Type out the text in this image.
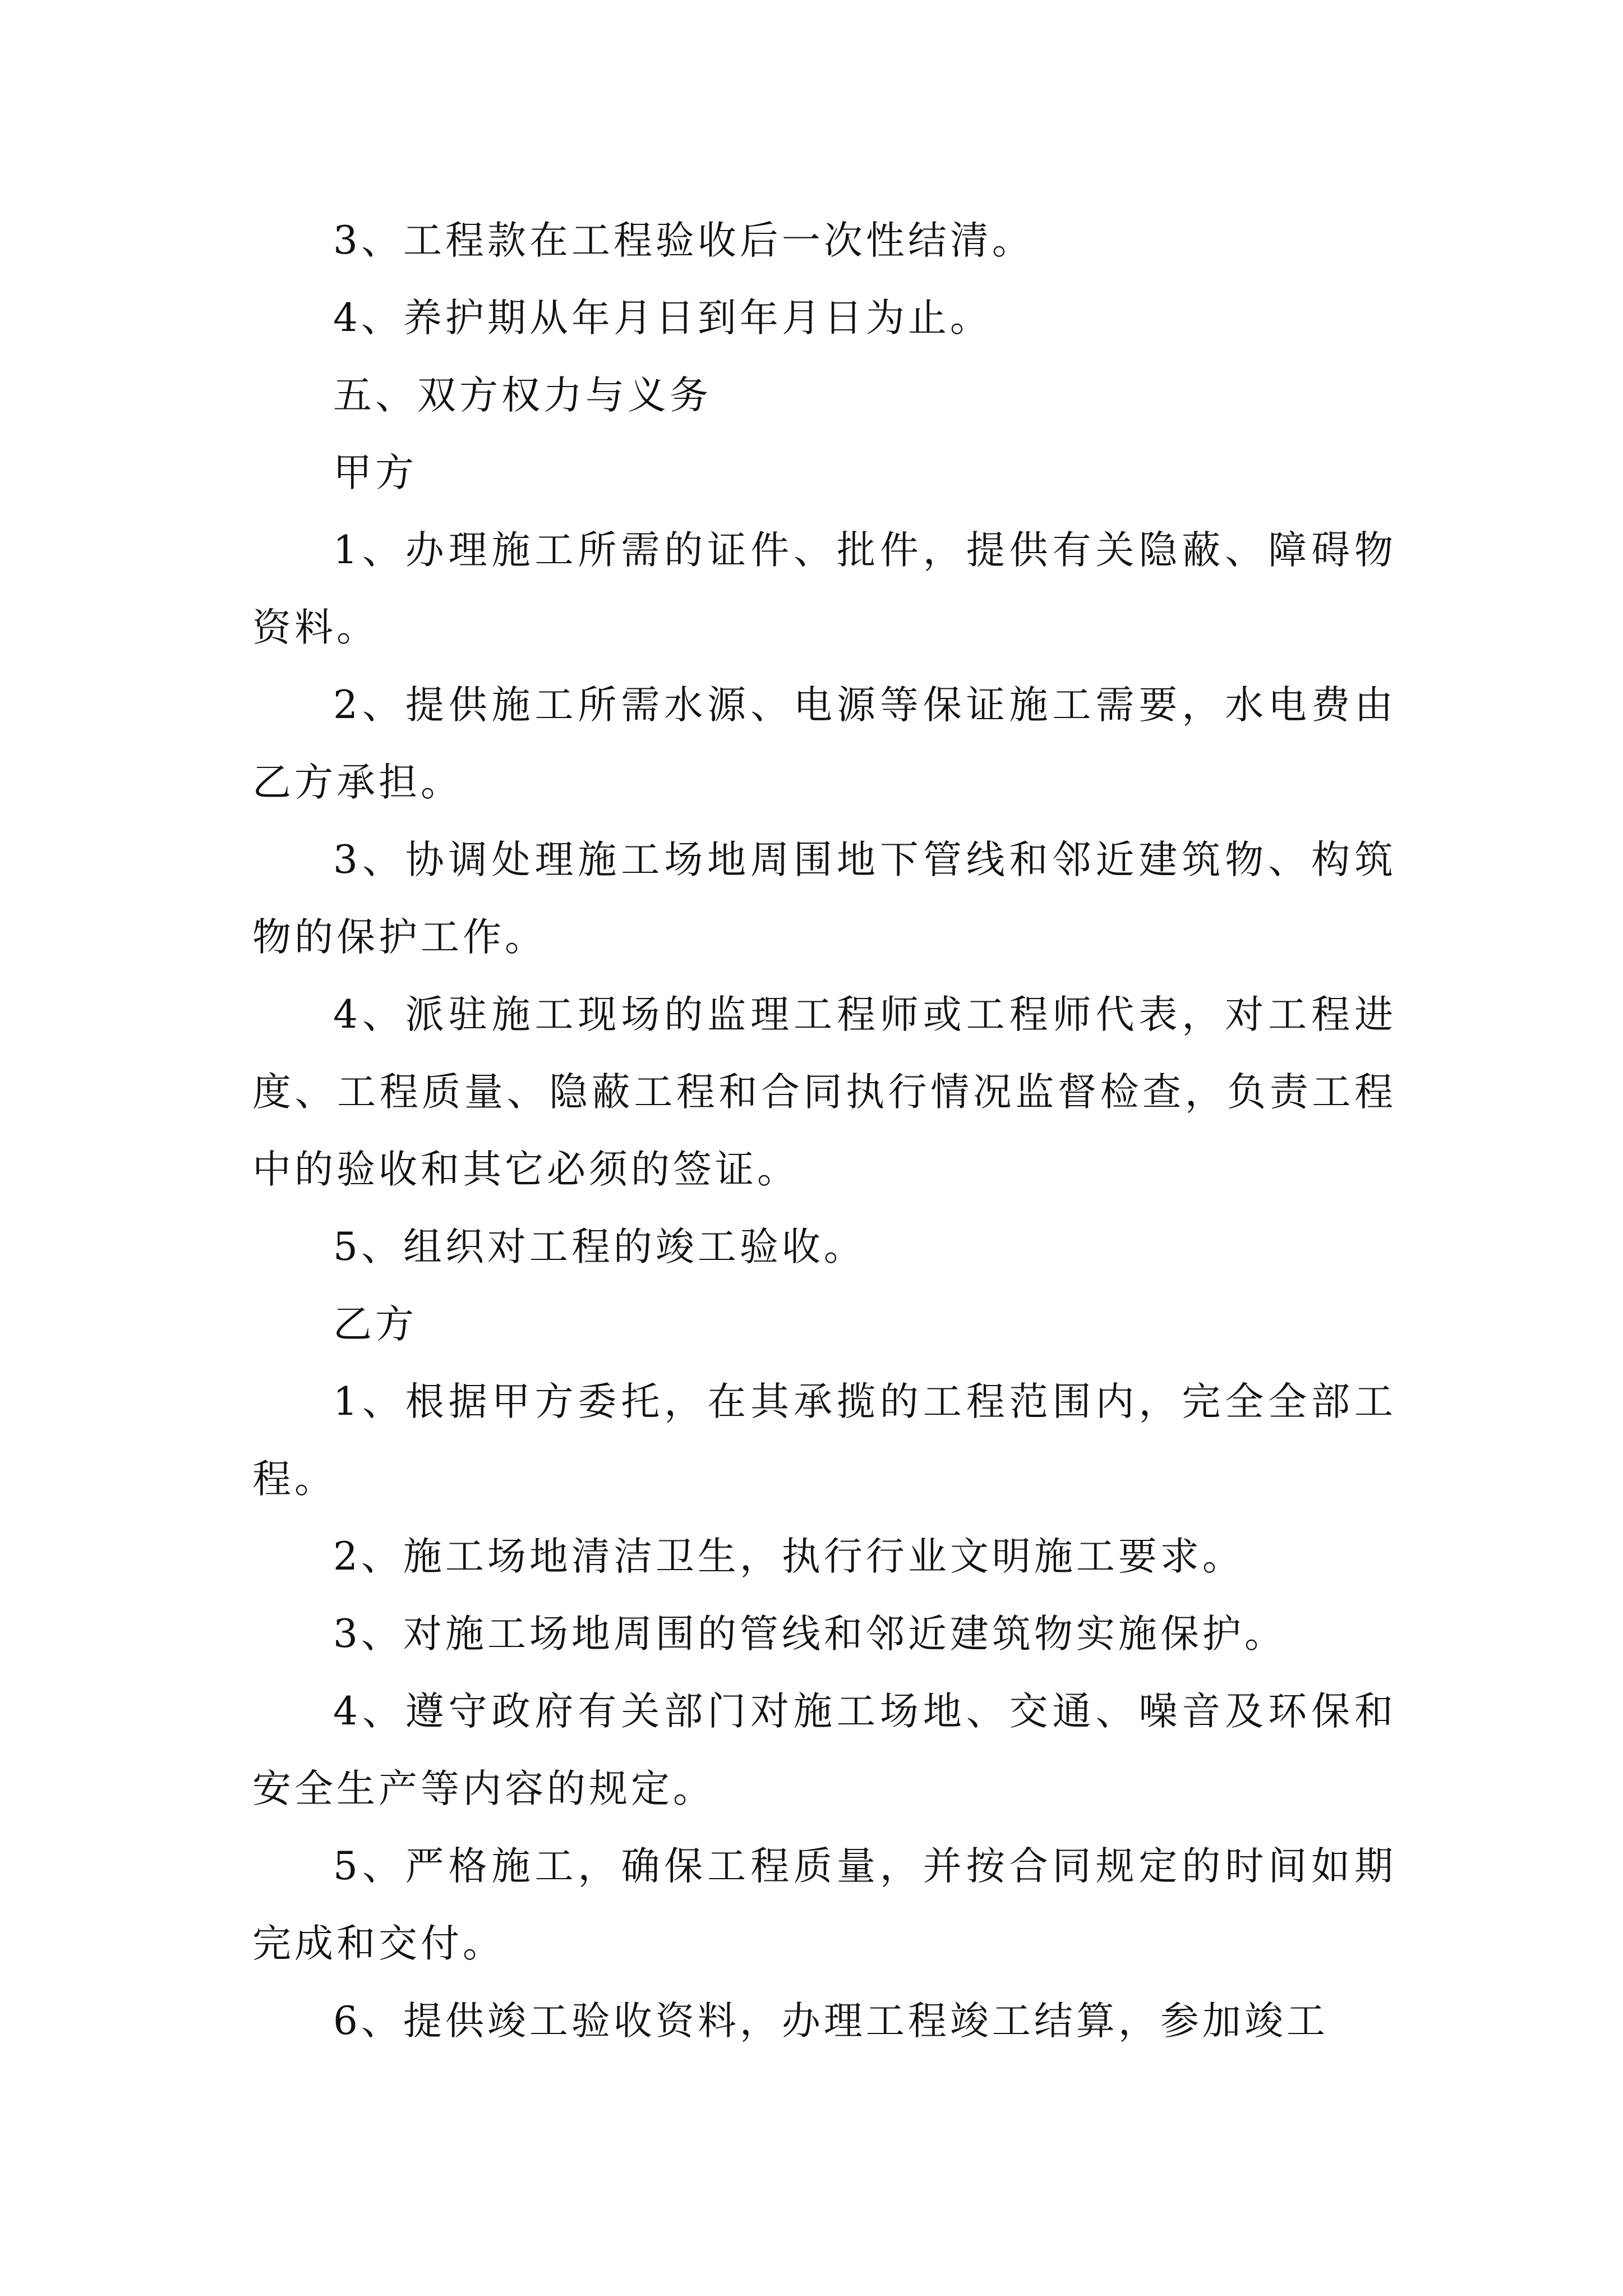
3、工程款在工程验收后一次性结清。

4、养护期从年月日到年月日为止。

五、双方权力与义务

甲方

1、办理施工所需的证件、批件，提供有关隐蔽、障碍物资料。

2、提供施工所需水源、电源等保证施工需要，水电费由乙方承担。

3、协调处理施工场地周围地下管线和邻近建筑物、构筑物的保护工作。

4、派驻施工现场的监理工程师或工程师代表，对工程进度、工程质量、隐蔽工程和合同执行情况监督检查，负责工程中的验收和其它必须的签证。

5、组织对工程的竣工验收。

乙方

1、根据甲方委托，在其承揽的工程范围内，完全全部工程。

2、施工场地清洁卫生，执行行业文明施工要求。

3、对施工场地周围的管线和邻近建筑物实施保护。

4、遵守政府有关部门对施工场地、交通、噪音及环保和安全生产等内容的规定。

5、严格施工，确保工程质量，并按合同规定的时间如期完成和交付。

6、提供竣工验收资料，办理工程竣工结算，参加竣工
